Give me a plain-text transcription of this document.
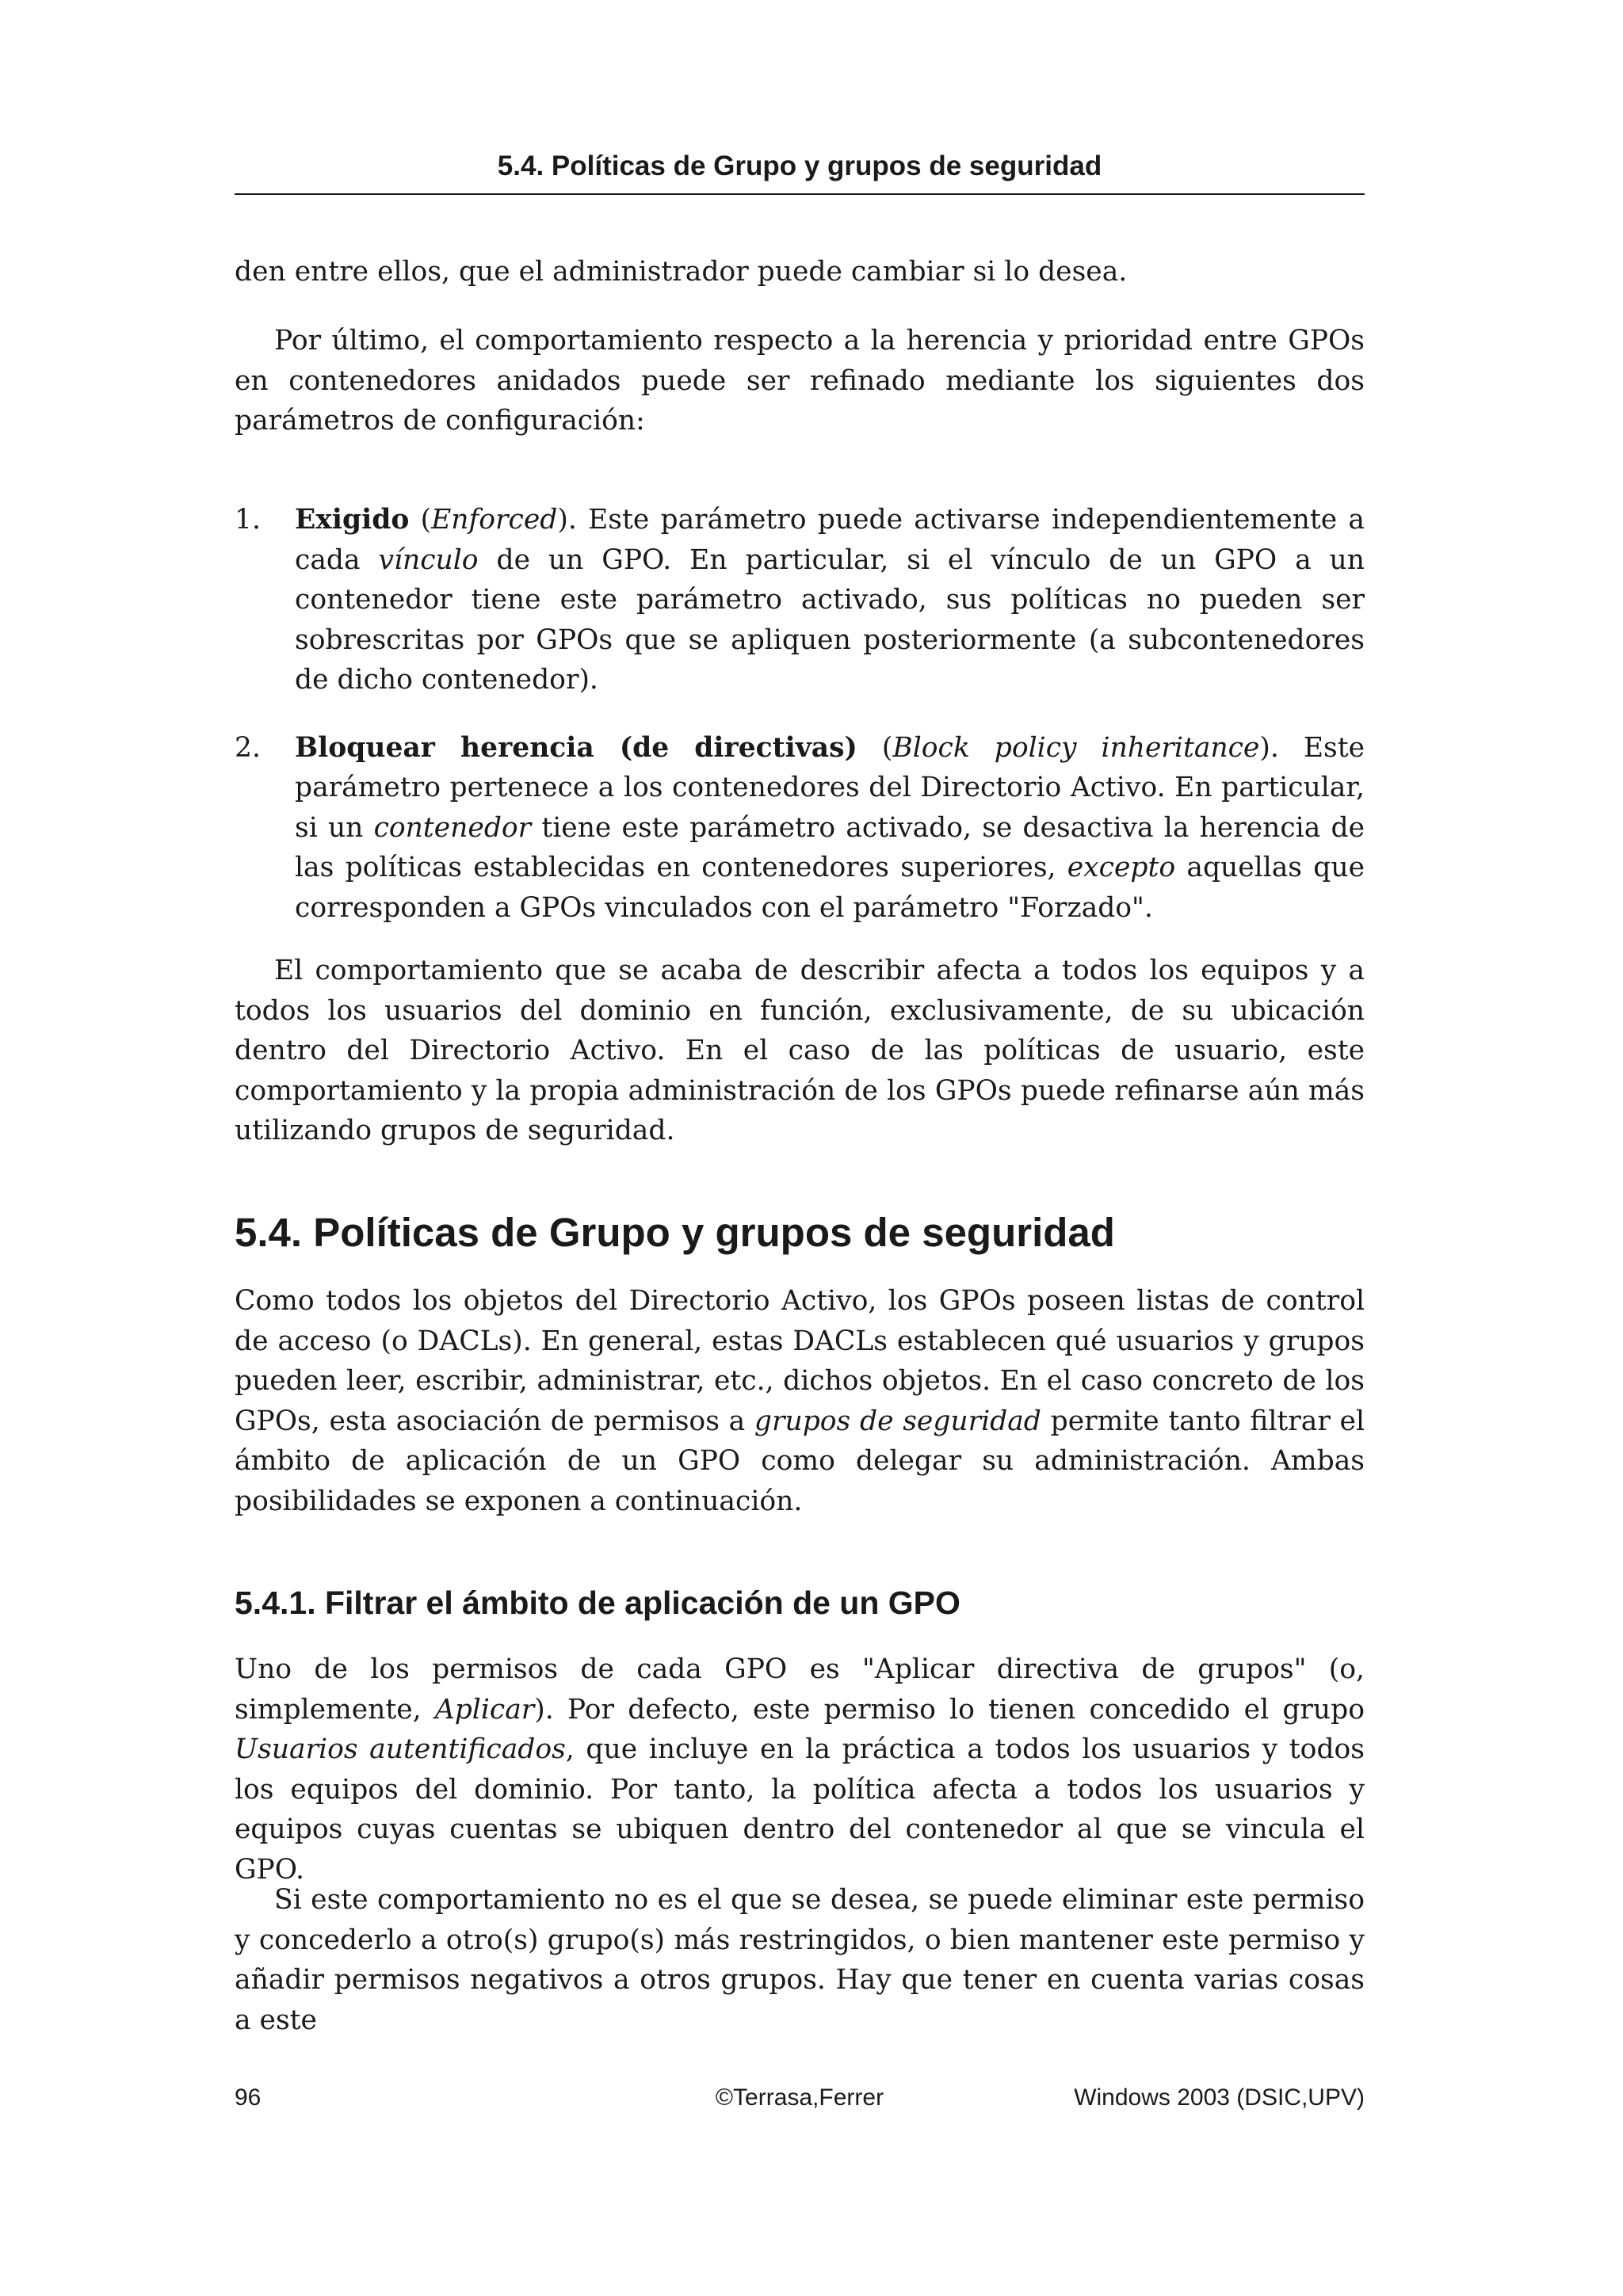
5.4. Políticas de Grupo y grupos de seguridad

den entre ellos, que el administrador puede cambiar si lo desea.

Por último, el comportamiento respecto a la herencia y prioridad entre GPOs en contenedores anidados puede ser refinado mediante los siguientes dos parámetros de configuración:

1. Exigido (Enforced). Este parámetro puede activarse independientemente a cada vínculo de un GPO. En particular, si el vínculo de un GPO a un contenedor tiene este parámetro activado, sus políticas no pueden ser sobrescritas por GPOs que se apliquen posteriormente (a subcontenedores de dicho contenedor).
2. Bloquear herencia (de directivas) (Block policy inheritance). Este parámetro pertenece a los contenedores del Directorio Activo. En particular, si un contenedor tiene este parámetro activado, se desactiva la herencia de las políticas establecidas en contenedores superiores, excepto aquellas que corresponden a GPOs vinculados con el parámetro "Forzado".

El comportamiento que se acaba de describir afecta a todos los equipos y a todos los usuarios del dominio en función, exclusivamente, de su ubicación dentro del Directorio Activo. En el caso de las políticas de usuario, este comportamiento y la propia administración de los GPOs puede refinarse aún más utilizando grupos de seguridad.

5.4. Políticas de Grupo y grupos de seguridad

Como todos los objetos del Directorio Activo, los GPOs poseen listas de control de acceso (o DACLs). En general, estas DACLs establecen qué usuarios y grupos pueden leer, escribir, administrar, etc., dichos objetos. En el caso concreto de los GPOs, esta asociación de permisos a grupos de seguridad permite tanto filtrar el ámbito de aplicación de un GPO como delegar su administración. Ambas posibilidades se exponen a continuación.

5.4.1. Filtrar el ámbito de aplicación de un GPO

Uno de los permisos de cada GPO es "Aplicar directiva de grupos" (o, simplemente, Aplicar). Por defecto, este permiso lo tienen concedido el grupo Usuarios autentificados, que incluye en la práctica a todos los usuarios y todos los equipos del dominio. Por tanto, la política afecta a todos los usuarios y equipos cuyas cuentas se ubiquen dentro del contenedor al que se vincula el GPO.

Si este comportamiento no es el que se desea, se puede eliminar este permiso y concederlo a otro(s) grupo(s) más restringidos, o bien mantener este permiso y añadir permisos negativos a otros grupos. Hay que tener en cuenta varias cosas a este

96	©Terrasa,Ferrer	Windows 2003 (DSIC,UPV)
